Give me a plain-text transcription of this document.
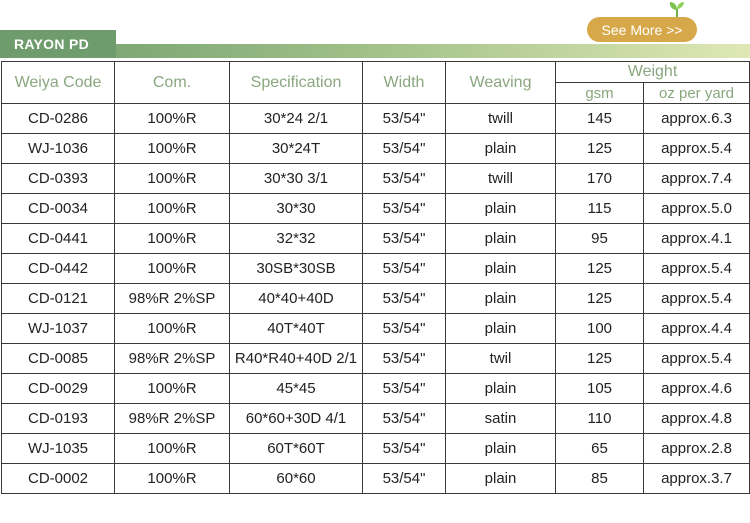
RAYON PD
See More >>
Weiya Code	Com.	Specification	Width	Weaving	Weight	
					gsm	oz per yard
CD-0286	100%R	30*24 2/1	53/54"	twill	145	approx.6.3
WJ-1036	100%R	30*24T	53/54"	plain	125	approx.5.4
CD-0393	100%R	30*30 3/1	53/54"	twill	170	approx.7.4
CD-0034	100%R	30*30	53/54"	plain	115	approx.5.0
CD-0441	100%R	32*32	53/54"	plain	95	approx.4.1
CD-0442	100%R	30SB*30SB	53/54"	plain	125	approx.5.4
CD-0121	98%R 2%SP	40*40+40D	53/54"	plain	125	approx.5.4
WJ-1037	100%R	40T*40T	53/54"	plain	100	approx.4.4
CD-0085	98%R 2%SP	R40*R40+40D 2/1	53/54"	twil	125	approx.5.4
CD-0029	100%R	45*45	53/54"	plain	105	approx.4.6
CD-0193	98%R 2%SP	60*60+30D 4/1	53/54"	satin	110	approx.4.8
WJ-1035	100%R	60T*60T	53/54"	plain	65	approx.2.8
CD-0002	100%R	60*60	53/54"	plain	85	approx.3.7
